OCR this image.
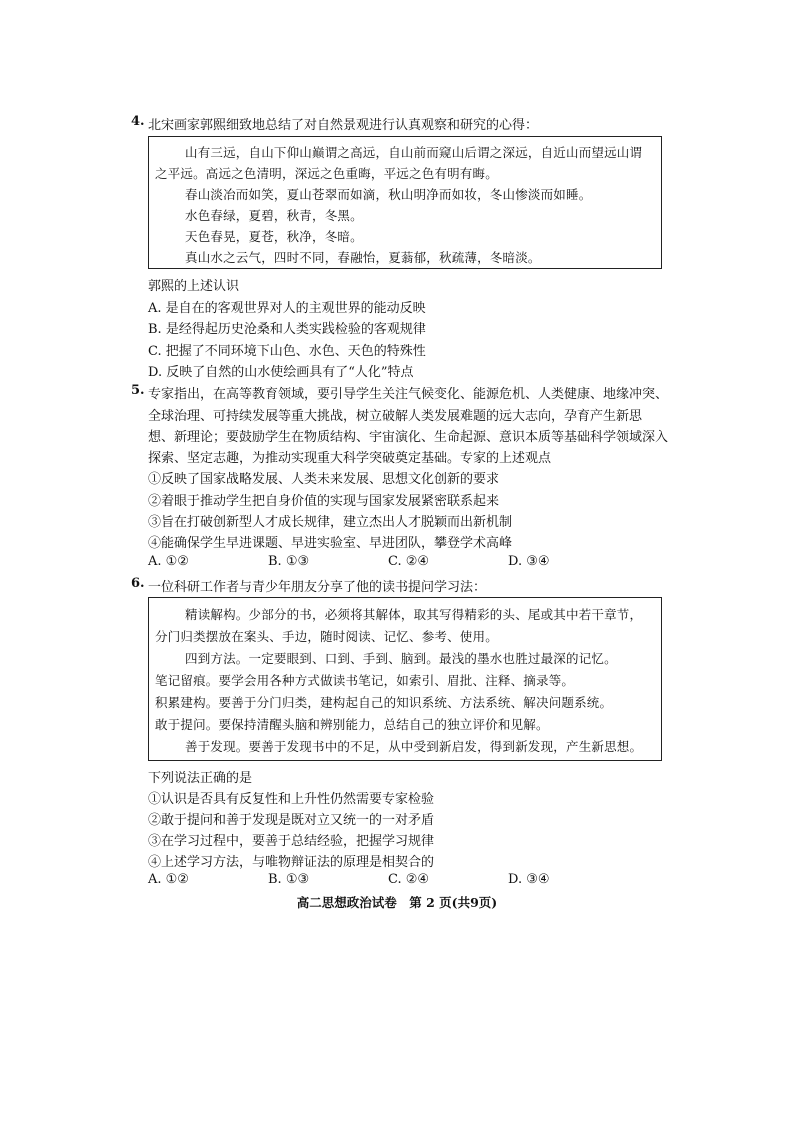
4. 北宋画家郭熙细致地总结了对自然景观进行认真观察和研究的心得：
山有三远，自山下仰山巅谓之高远，自山前而窥山后谓之深远，自近山而望远山谓
之平远。高远之色清明，深远之色重晦，平远之色有明有晦。
春山淡冶而如笑，夏山苍翠而如滴，秋山明净而如妆，冬山惨淡而如睡。
水色春绿，夏碧，秋青，冬黑。
天色春晃，夏苍，秋净，冬暗。
真山水之云气，四时不同，春融怡，夏蓊郁，秋疏薄，冬暗淡。
郭熙的上述认识
A. 是自在的客观世界对人的主观世界的能动反映
B. 是经得起历史沧桑和人类实践检验的客观规律
C. 把握了不同环境下山色、水色、天色的特殊性
D. 反映了自然的山水使绘画具有了“人化”特点
5. 专家指出，在高等教育领域，要引导学生关注气候变化、能源危机、人类健康、地缘冲突、
全球治理、可持续发展等重大挑战，树立破解人类发展难题的远大志向，孕育产生新思
想、新理论；要鼓励学生在物质结构、宇宙演化、生命起源、意识本质等基础科学领域深入
探索、坚定志趣，为推动实现重大科学突破奠定基础。专家的上述观点
①反映了国家战略发展、人类未来发展、思想文化创新的要求
②着眼于推动学生把自身价值的实现与国家发展紧密联系起来
③旨在打破创新型人才成长规律，建立杰出人才脱颖而出新机制
④能确保学生早进课题、早进实验室、早进团队，攀登学术高峰
A. ①②	B. ①③	C. ②④	D. ③④
6. 一位科研工作者与青少年朋友分享了他的读书提问学习法：
精读解构。少部分的书，必须将其解体，取其写得精彩的头、尾或其中若干章节，
分门归类摆放在案头、手边，随时阅读、记忆、参考、使用。
四到方法。一定要眼到、口到、手到、脑到。最浅的墨水也胜过最深的记忆。
笔记留痕。要学会用各种方式做读书笔记，如索引、眉批、注释、摘录等。
积累建构。要善于分门归类，建构起自己的知识系统、方法系统、解决问题系统。
敢于提问。要保持清醒头脑和辨别能力，总结自己的独立评价和见解。
善于发现。要善于发现书中的不足，从中受到新启发，得到新发现，产生新思想。
下列说法正确的是
①认识是否具有反复性和上升性仍然需要专家检验
②敢于提问和善于发现是既对立又统一的一对矛盾
③在学习过程中，要善于总结经验，把握学习规律
④上述学习方法，与唯物辩证法的原理是相契合的
A. ①②	B. ①③	C. ②④	D. ③④
高二思想政治试卷　第 2 页(共9页)
